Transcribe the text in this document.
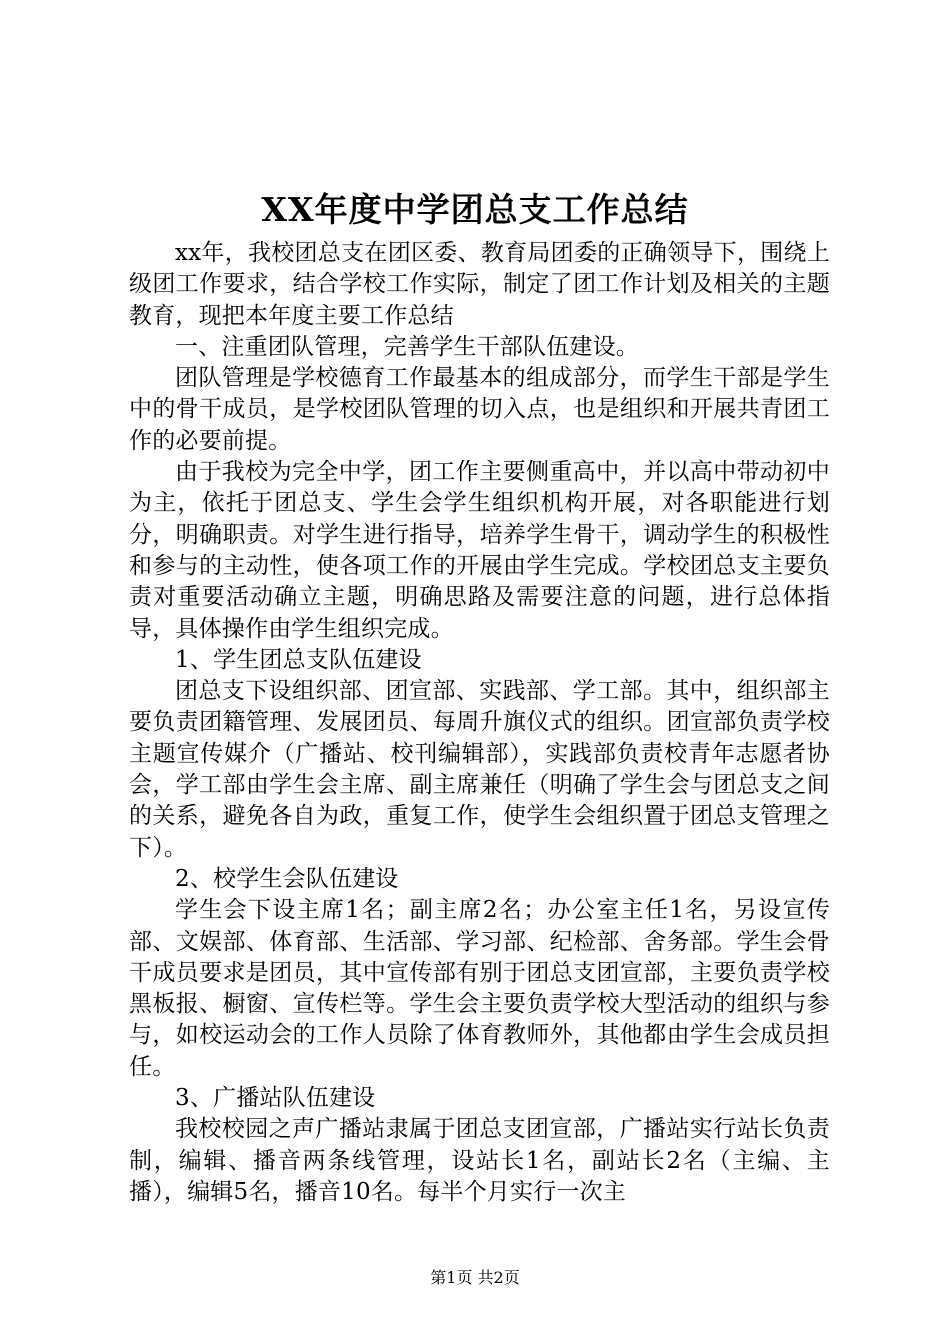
XX年度中学团总支工作总结

xx年，我校团总支在团区委、教育局团委的正确领导下，围绕上级团工作要求，结合学校工作实际，制定了团工作计划及相关的主题教育，现把本年度主要工作总结

一、注重团队管理，完善学生干部队伍建设。

团队管理是学校德育工作最基本的组成部分，而学生干部是学生中的骨干成员，是学校团队管理的切入点，也是组织和开展共青团工作的必要前提。

由于我校为完全中学，团工作主要侧重高中，并以高中带动初中为主，依托于团总支、学生会学生组织机构开展，对各职能进行划分，明确职责。对学生进行指导，培养学生骨干，调动学生的积极性和参与的主动性，使各项工作的开展由学生完成。学校团总支主要负责对重要活动确立主题，明确思路及需要注意的问题，进行总体指导，具体操作由学生组织完成。

1、学生团总支队伍建设

团总支下设组织部、团宣部、实践部、学工部。其中，组织部主要负责团籍管理、发展团员、每周升旗仪式的组织。团宣部负责学校主题宣传媒介（广播站、校刊编辑部），实践部负责校青年志愿者协会，学工部由学生会主席、副主席兼任（明确了学生会与团总支之间的关系，避免各自为政，重复工作，使学生会组织置于团总支管理之下）。

2、校学生会队伍建设

学生会下设主席1名；副主席2名；办公室主任1名，另设宣传部、文娱部、体育部、生活部、学习部、纪检部、舍务部。学生会骨干成员要求是团员，其中宣传部有别于团总支团宣部，主要负责学校黑板报、橱窗、宣传栏等。学生会主要负责学校大型活动的组织与参与，如校运动会的工作人员除了体育教师外，其他都由学生会成员担任。

3、广播站队伍建设

我校校园之声广播站隶属于团总支团宣部，广播站实行站长负责制，编辑、播音两条线管理，设站长1名，副站长2名（主编、主播），编辑5名，播音10名。每半个月实行一次主

第1页 共2页
